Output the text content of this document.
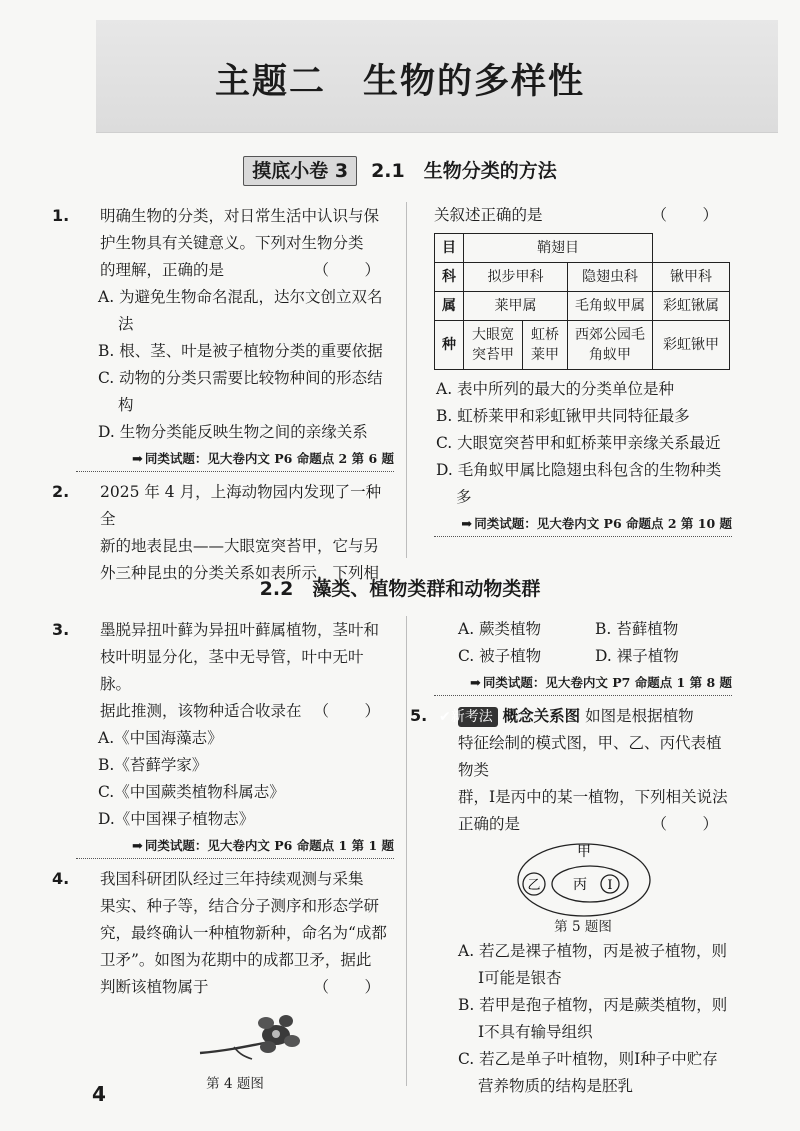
主题二　生物的多样性
摸底小卷 3 2.1　 生物分类的方法
1. 明确生物的分类，对日常生活中认识与保
护生物具有关键意义。下列对生物分类
的理解，正确的是	（　）
A. 为避免生物命名混乱，达尔文创立双名法
B. 根、茎、叶是被子植物分类的重要依据
C. 动物的分类只需要比较物种间的形态结构
D. 生物分类能反映生物之间的亲缘关系
➡ 同类试题：见大卷内文 P6 命题点 2 第 6 题
2. 2025 年 4 月，上海动物园内发现了一种全
新的地表昆虫——大眼宽突苔甲，它与另
外三种昆虫的分类关系如表所示，下列相
关叙述正确的是	（　）
目	鞘翅目			
科	拟步甲科		隐翅虫科	锹甲科
属	莱甲属		毛角蚁甲属	彩虹锹属
种	大眼宽突苔甲	虹桥莱甲	西郊公园毛角蚁甲	彩虹锹甲
A. 表中所列的最大的分类单位是种
B. 虹桥莱甲和彩虹锹甲共同特征最多
C. 大眼宽突苔甲和虹桥莱甲亲缘关系最近
D. 毛角蚁甲属比隐翅虫科包含的生物种类多
➡ 同类试题：见大卷内文 P6 命题点 2 第 10 题
2.2　 藻类、植物类群和动物类群
3. 墨脱异扭叶藓为异扭叶藓属植物，茎叶和
枝叶明显分化，茎中无导管，叶中无叶脉。
据此推测，该物种适合收录在 （　）
A.《中国海藻志》
B.《苔藓学家》
C.《中国蕨类植物科属志》
D.《中国裸子植物志》
➡ 同类试题：见大卷内文 P6 命题点 1 第 1 题
4. 我国科研团队经过三年持续观测与采集
果实、种子等，结合分子测序和形态学研
究，最终确认一种植物新种，命名为“成都
卫矛”。如图为花期中的成都卫矛，据此
判断该植物属于	（　）
第 4 题图
A. 蕨类植物	B. 苔藓植物
C. 被子植物	D. 裸子植物
➡ 同类试题：见大卷内文 P7 命题点 1 第 8 题
5. ✔新考法 概念关系图 如图是根据植物
特征绘制的模式图，甲、乙、丙代表植物类
群，Ⅰ是丙中的某一植物，下列相关说法
正确的是	（　）
甲
乙 丙 Ⅰ
第 5 题图
A. 若乙是裸子植物，丙是被子植物，则Ⅰ可能是银杏
B. 若甲是孢子植物，丙是蕨类植物，则Ⅰ不具有输导组织
C. 若乙是单子叶植物，则Ⅰ种子中贮存营养物质的结构是胚乳
4
